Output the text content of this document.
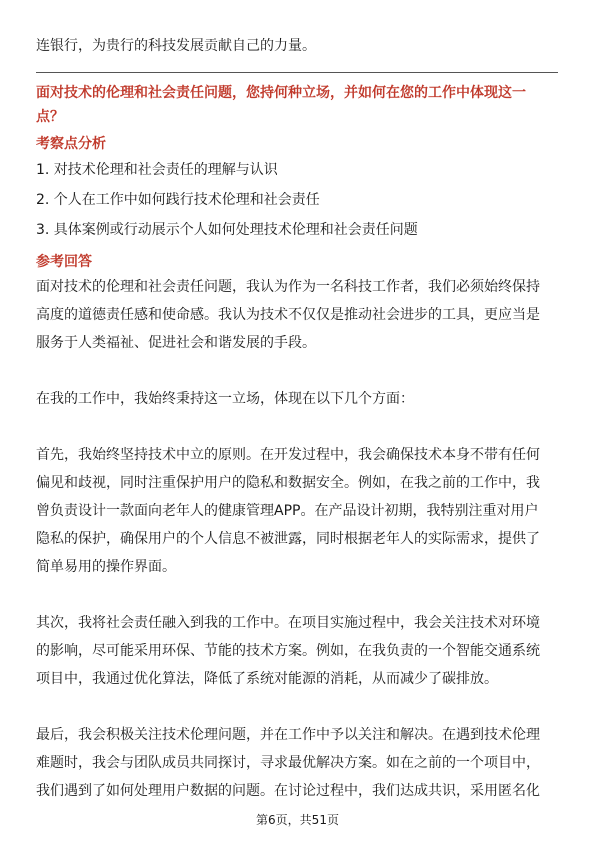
连银行，为贵行的科技发展贡献自己的力量。

面对技术的伦理和社会责任问题，您持何种立场，并如何在您的工作中体现这一
点？
考察点分析
1. 对技术伦理和社会责任的理解与认识
2. 个人在工作中如何践行技术伦理和社会责任
3. 具体案例或行动展示个人如何处理技术伦理和社会责任问题
参考回答

面对技术的伦理和社会责任问题，我认为作为一名科技工作者，我们必须始终保持

高度的道德责任感和使命感。我认为技术不仅仅是推动社会进步的工具，更应当是

服务于人类福祉、促进社会和谐发展的手段。

在我的工作中，我始终秉持这一立场，体现在以下几个方面：

首先，我始终坚持技术中立的原则。在开发过程中，我会确保技术本身不带有任何

偏见和歧视，同时注重保护用户的隐私和数据安全。例如，在我之前的工作中，我

曾负责设计一款面向老年人的健康管理APP。在产品设计初期，我特别注重对用户

隐私的保护，确保用户的个人信息不被泄露，同时根据老年人的实际需求，提供了

简单易用的操作界面。

其次，我将社会责任融入到我的工作中。在项目实施过程中，我会关注技术对环境

的影响，尽可能采用环保、节能的技术方案。例如，在我负责的一个智能交通系统

项目中，我通过优化算法，降低了系统对能源的消耗，从而减少了碳排放。

最后，我会积极关注技术伦理问题，并在工作中予以关注和解决。在遇到技术伦理

难题时，我会与团队成员共同探讨，寻求最优解决方案。如在之前的一个项目中，

我们遇到了如何处理用户数据的问题。在讨论过程中，我们达成共识，采用匿名化

第6页，共51页
